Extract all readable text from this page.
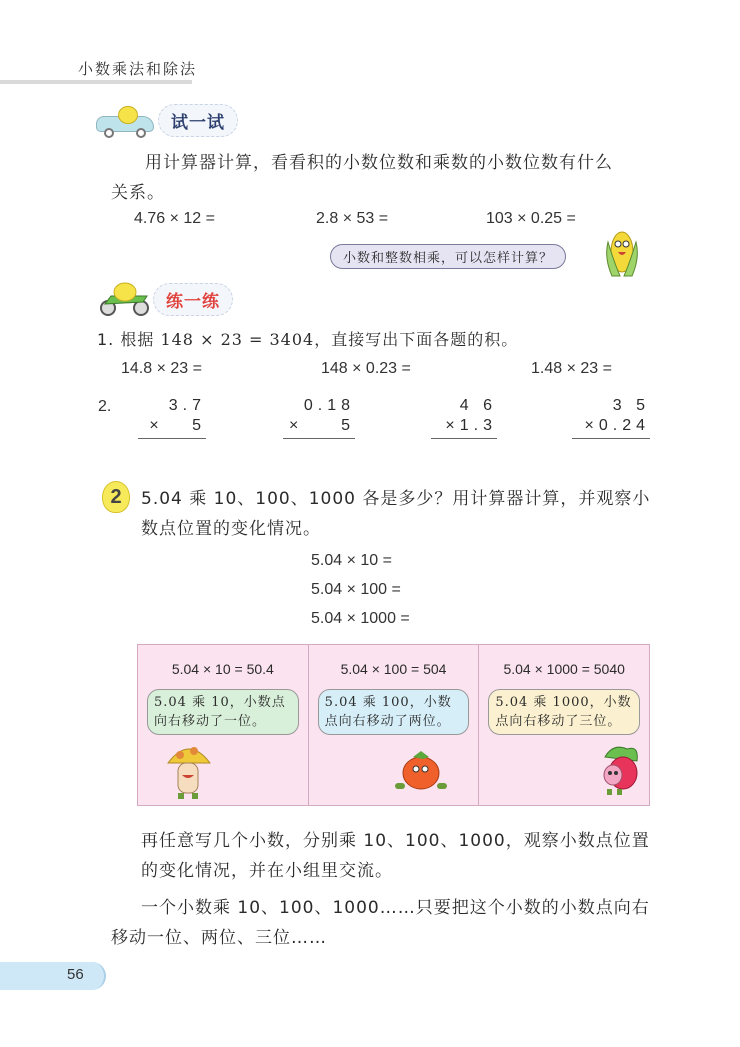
小数乘法和除法
试一试
用计算器计算，看看积的小数位数和乘数的小数位数有什么
关系。
4.76 × 12 =	2.8 × 53 =	103 × 0.25 =
小数和整数相乘，可以怎样计算？
练一练
1. 根据 148 × 23 = 3404，直接写出下面各题的积。
14.8 × 23 =	148 × 0.23 =	1.48 × 23 =
2.	3.7
×   5
0.18
×    5
4 6
×1.3
3 5
×0.24
2	5.04 乘 10、100、1000 各是多少？用计算器计算，并观察小
数点位置的变化情况。
5.04 × 10 =
5.04 × 100 =
5.04 × 1000 =
5.04 × 10 = 50.4
5.04 乘 10，小数点
向右移动了一位。
5.04 × 100 = 504
5.04 乘 100，小数
点向右移动了两位。
5.04 × 1000 = 5040
5.04 乘 1000，小数
点向右移动了三位。
再任意写几个小数，分别乘 10、100、1000，观察小数点位置
的变化情况，并在小组里交流。
一个小数乘 10、100、1000……只要把这个小数的小数点向右
移动一位、两位、三位……
56
